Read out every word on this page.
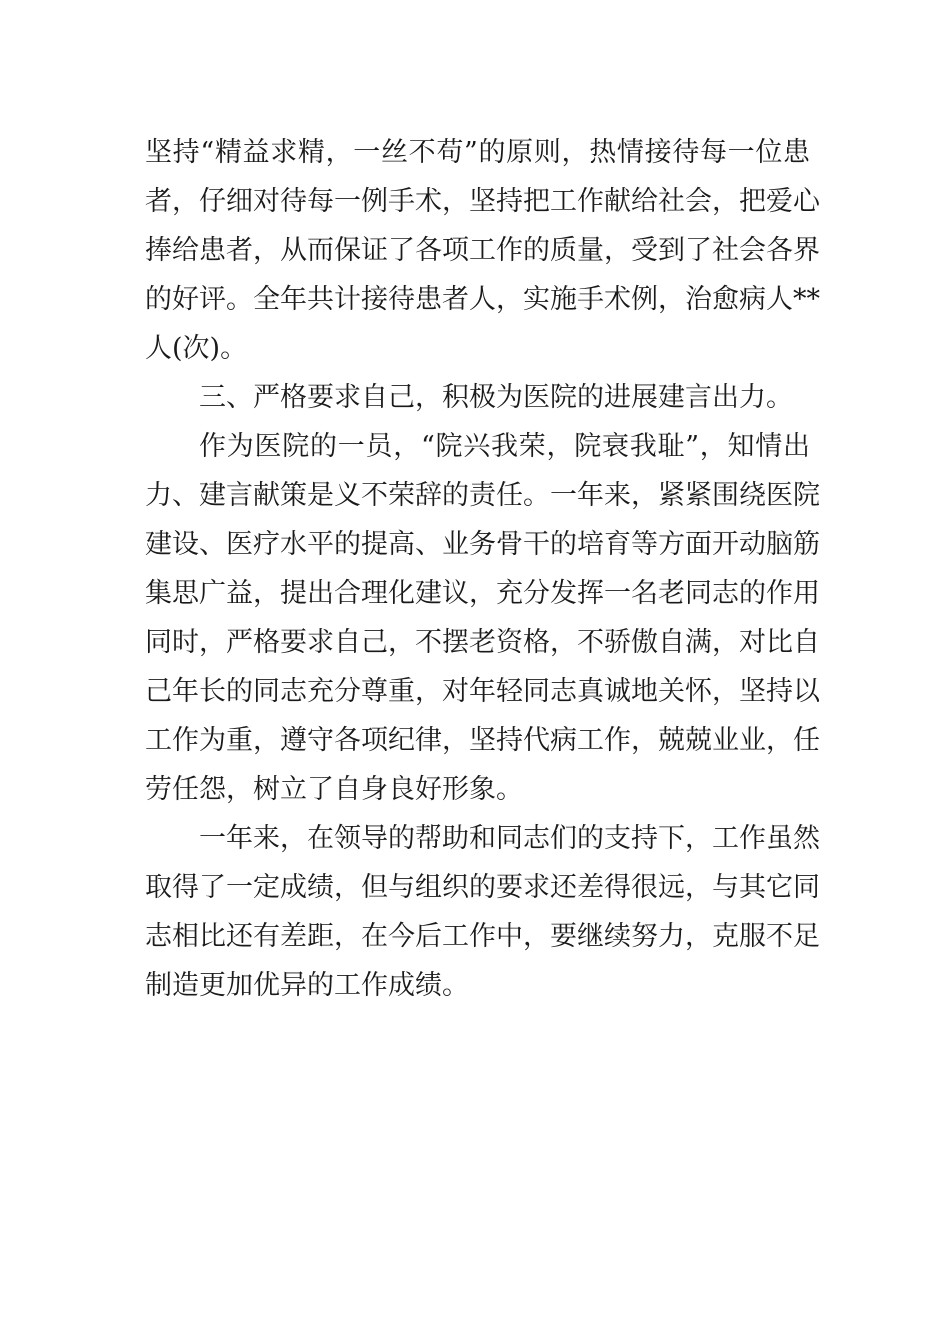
坚持“精益求精，一丝不苟”的原则，热情接待每一位患
者，仔细对待每一例手术，坚持把工作献给社会，把爱心
捧给患者，从而保证了各项工作的质量，受到了社会各界
的好评。全年共计接待患者人，实施手术例，治愈病人**
人(次)。
三、严格要求自己，积极为医院的进展建言出力。
作为医院的一员，“院兴我荣，院衰我耻”，知情出
力、建言献策是义不荣辞的责任。一年来，紧紧围绕医院
建设、医疗水平的提高、业务骨干的培育等方面开动脑筋
集思广益，提出合理化建议，充分发挥一名老同志的作用
同时，严格要求自己，不摆老资格，不骄傲自满，对比自
己年长的同志充分尊重，对年轻同志真诚地关怀，坚持以
工作为重，遵守各项纪律，坚持代病工作，兢兢业业，任
劳任怨，树立了自身良好形象。
一年来，在领导的帮助和同志们的支持下，工作虽然
取得了一定成绩，但与组织的要求还差得很远，与其它同
志相比还有差距，在今后工作中，要继续努力，克服不足
制造更加优异的工作成绩。
